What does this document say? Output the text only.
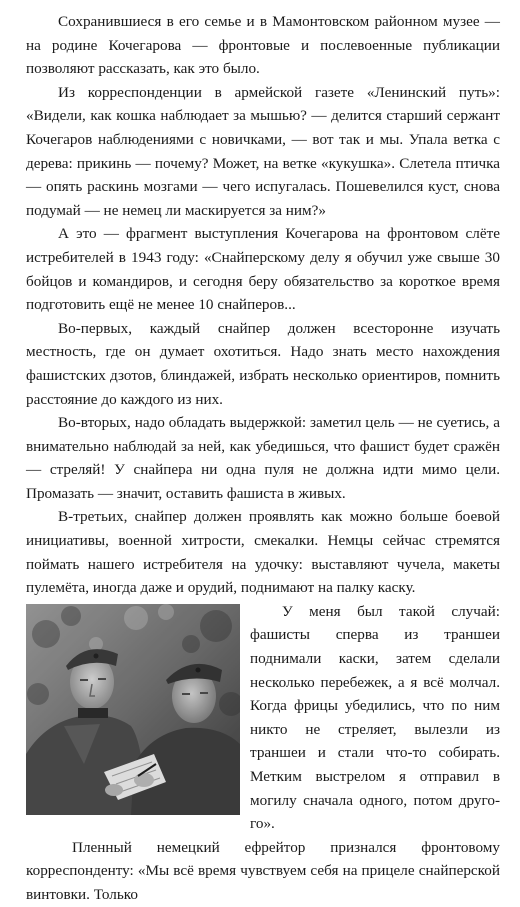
Сохранившиеся в его семье и в Мамонтовском районном музее — на родине Кочегарова — фронтовые и послевоенные публикации позволяют рассказать, как это было.

Из корреспонденции в армейской газете «Ленинский путь»: «Видели, как кошка наблюдает за мышью? — делится старший сержант Кочегаров наблюдениями с новичками, — вот так и мы. Упала ветка с дерева: прикинь — почему? Может, на ветке «кукушка». Слетела птичка — опять раскинь мозгами — чего испугалась. Пошевелился куст, снова подумай — не немец ли маскируется за ним?»

А это — фрагмент выступления Кочегарова на фронтовом слёте истребителей в 1943 году: «Снайперскому делу я обучил уже свыше 30 бойцов и командиров, и сегодня беру обязательство за короткое время подготовить ещё не менее 10 снайперов...

Во-первых, каждый снайпер должен всесторонне изучать местность, где он думает охотиться. Надо знать место нахождения фашистских дзотов, блиндажей, избрать несколько ориентиров, помнить расстояние до каждого из них.

Во-вторых, надо обладать выдержкой: заметил цель — не суетись, а внимательно наблюдай за ней, как убедишься, что фашист будет сражён — стреляй! У снайпера ни одна пуля не должна идти мимо цели. Промазать — значит, оставить фашиста в живых.

В-третьих, снайпер должен проявлять как можно больше боевой инициативы, военной хитрости, смекалки. Немцы сейчас стремятся поймать нашего истребителя на удочку: выставляют чучела, макеты пулемёта, иногда даже и орудий, поднимают на палку каску.

У меня был такой случай: фашисты сперва из траншеи поднимали каски, затем сделали несколько перебежек, а я всё молчал. Когда фрицы убедились, что по ним никто не стреляет, вылезли из траншеи и стали что-то собирать. Метким выстрелом я отправил в могилу сначала одного, потом другого».

Пленный немецкий ефрейтор признался фронтовому корреспонденту: «Мы всё время чувствуем себя на прицеле снайперской винтовки. Только
